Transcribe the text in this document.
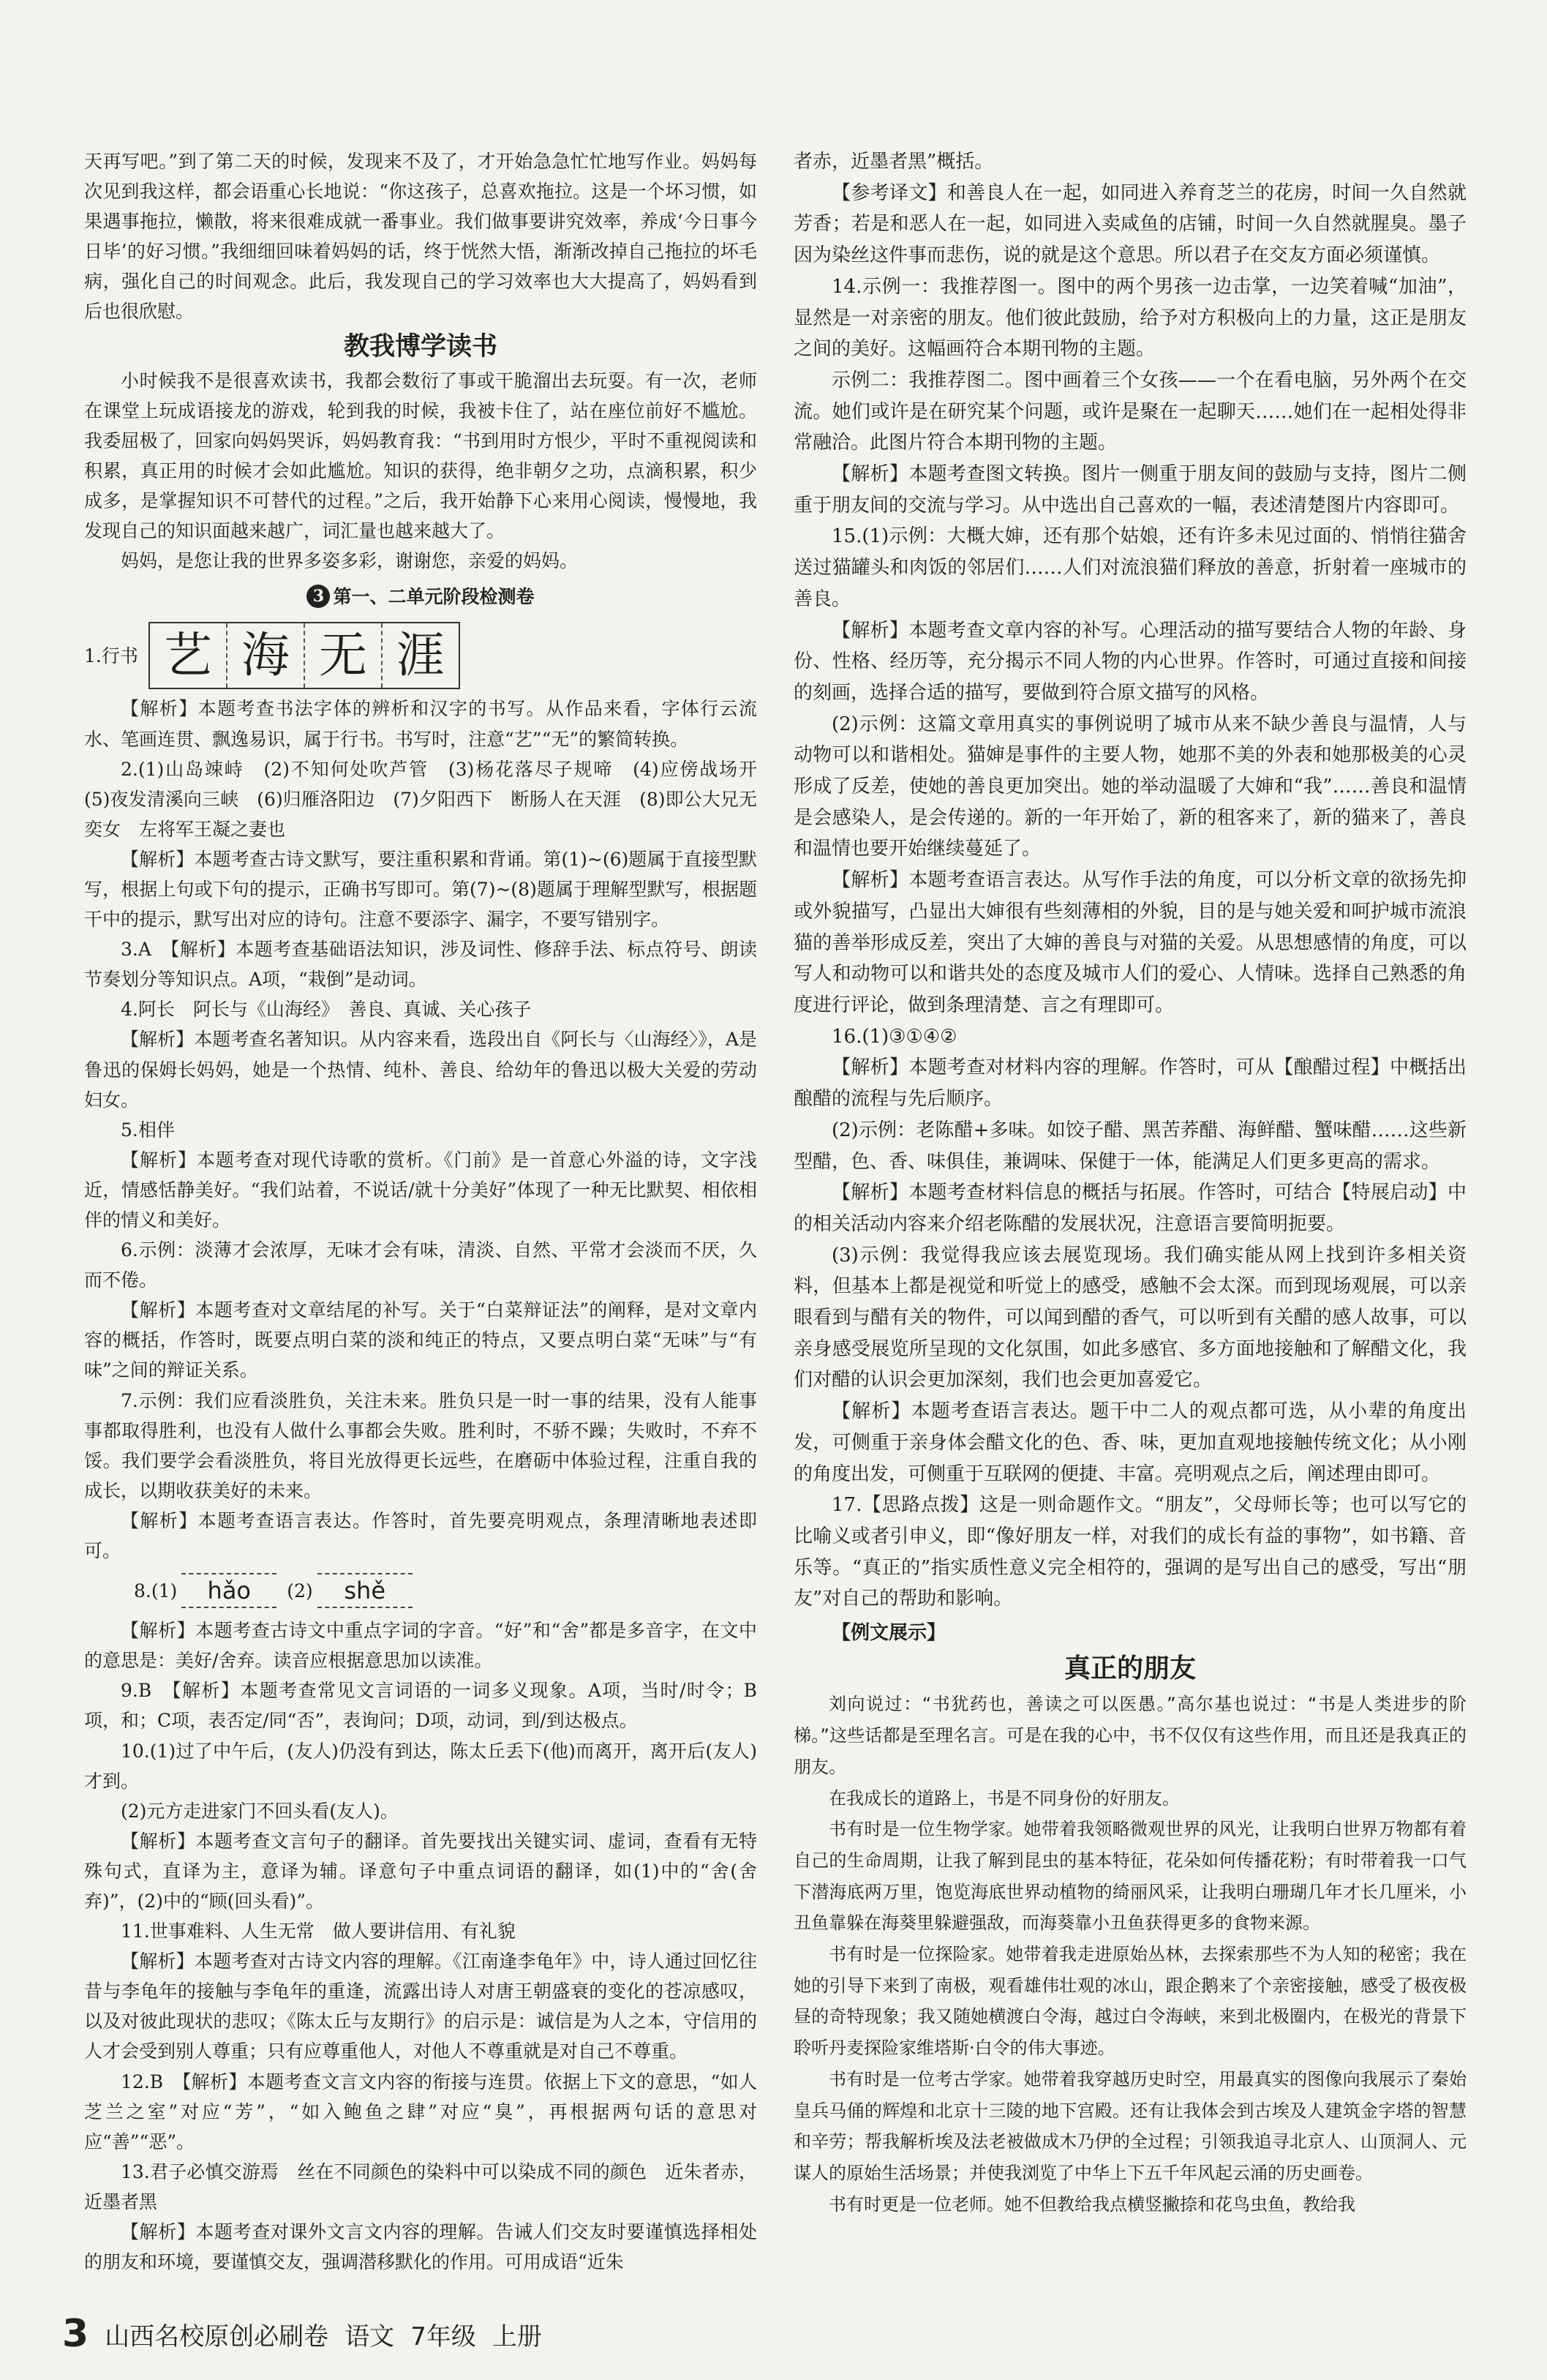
天再写吧。”到了第二天的时候，发现来不及了，才开始急急忙忙地写作业。妈妈每次见到我这样，都会语重心长地说：“你这孩子，总喜欢拖拉。这是一个坏习惯，如果遇事拖拉，懒散，将来很难成就一番事业。我们做事要讲究效率，养成‘今日事今日毕’的好习惯。”我细细回味着妈妈的话，终于恍然大悟，渐渐改掉自己拖拉的坏毛病，强化自己的时间观念。此后，我发现自己的学习效率也大大提高了，妈妈看到后也很欣慰。

教我博学读书

小时候我不是很喜欢读书，我都会数衍了事或干脆溜出去玩耍。有一次，老师在课堂上玩成语接龙的游戏，轮到我的时候，我被卡住了，站在座位前好不尴尬。我委屈极了，回家向妈妈哭诉，妈妈教育我：“书到用时方恨少，平时不重视阅读和积累，真正用的时候才会如此尴尬。知识的获得，绝非朝夕之功，点滴积累，积少成多，是掌握知识不可替代的过程。”之后，我开始静下心来用心阅读，慢慢地，我发现自己的知识面越来越广，词汇量也越来越大了。

妈妈，是您让我的世界多姿多彩，谢谢您，亲爱的妈妈。

3 第一、二单元阶段检测卷

1.行书 艺 海 无 涯

【解析】本题考查书法字体的辨析和汉字的书写。从作品来看，字体行云流水、笔画连贯、飘逸易识，属于行书。书写时，注意“艺”“无”的繁简转换。

2.(1)山岛竦峙　(2)不知何处吹芦管　(3)杨花落尽子规啼　(4)应傍战场开　(5)夜发清溪向三峡　(6)归雁洛阳边　(7)夕阳西下　断肠人在天涯　(8)即公大兄无奕女　左将军王凝之妻也

【解析】本题考查古诗文默写，要注重积累和背诵。第(1)~(6)题属于直接型默写，根据上句或下句的提示，正确书写即可。第(7)~(8)题属于理解型默写，根据题干中的提示，默写出对应的诗句。注意不要添字、漏字，不要写错别字。

3.A　【解析】本题考查基础语法知识，涉及词性、修辞手法、标点符号、朗读节奏划分等知识点。A项，“栽倒”是动词。

4.阿长　阿长与《山海经》　善良、真诚、关心孩子

【解析】本题考查名著知识。从内容来看，选段出自《阿长与〈山海经〉》，A是鲁迅的保姆长妈妈，她是一个热情、纯朴、善良、给幼年的鲁迅以极大关爱的劳动妇女。

5.相伴

【解析】本题考查对现代诗歌的赏析。《门前》是一首意心外溢的诗，文字浅近，情感恬静美好。“我们站着，不说话/就十分美好”体现了一种无比默契、相依相伴的情义和美好。

6.示例：淡薄才会浓厚，无味才会有味，清淡、自然、平常才会淡而不厌，久而不倦。

【解析】本题考查对文章结尾的补写。关于“白菜辩证法”的阐释，是对文章内容的概括，作答时，既要点明白菜的淡和纯正的特点，又要点明白菜“无味”与“有味”之间的辩证关系。

7.示例：我们应看淡胜负，关注未来。胜负只是一时一事的结果，没有人能事事都取得胜利，也没有人做什么事都会失败。胜利时，不骄不躁；失败时，不弃不馁。我们要学会看淡胜负，将目光放得更长远些，在磨砺中体验过程，注重自我的成长，以期收获美好的未来。

【解析】本题考查语言表达。作答时，首先要亮明观点，条理清晰地表述即可。

8.(1)	hǎo	(2)	shě

【解析】本题考查古诗文中重点字词的字音。“好”和“舍”都是多音字，在文中的意思是：美好/舍弃。读音应根据意思加以读准。

9.B　【解析】本题考查常见文言词语的一词多义现象。A项，当时/时令；B项，和；C项，表否定/同“否”，表询问；D项，动词，到/到达极点。

10.(1)过了中午后，(友人)仍没有到达，陈太丘丢下(他)而离开，离开后(友人)才到。

(2)元方走进家门不回头看(友人)。

【解析】本题考查文言句子的翻译。首先要找出关键实词、虚词，查看有无特殊句式，直译为主，意译为辅。译意句子中重点词语的翻译，如(1)中的“舍(舍弃)”，(2)中的“顾(回头看)”。

11.世事难料、人生无常　做人要讲信用、有礼貌

【解析】本题考查对古诗文内容的理解。《江南逢李龟年》中，诗人通过回忆往昔与李龟年的接触与李龟年的重逢，流露出诗人对唐王朝盛衰的变化的苍凉感叹，以及对彼此现状的悲叹；《陈太丘与友期行》的启示是：诚信是为人之本，守信用的人才会受到别人尊重；只有应尊重他人，对他人不尊重就是对自己不尊重。

12.B　【解析】本题考查文言文内容的衔接与连贯。依据上下文的意思，“如人芝兰之室”对应“芳”，“如入鲍鱼之肆”对应“臭”，再根据两句话的意思对应“善”“恶”。

13.君子必慎交游焉　丝在不同颜色的染料中可以染成不同的颜色　近朱者赤，近墨者黑

【解析】本题考查对课外文言文内容的理解。告诫人们交友时要谨慎选择相处的朋友和环境，要谨慎交友，强调潜移默化的作用。可用成语“近朱

者赤，近墨者黑”概括。

【参考译文】和善良人在一起，如同进入养育芝兰的花房，时间一久自然就芳香；若是和恶人在一起，如同进入卖咸鱼的店铺，时间一久自然就腥臭。墨子因为染丝这件事而悲伤，说的就是这个意思。所以君子在交友方面必须谨慎。

14.示例一：我推荐图一。图中的两个男孩一边击掌，一边笑着喊“加油”，显然是一对亲密的朋友。他们彼此鼓励，给予对方积极向上的力量，这正是朋友之间的美好。这幅画符合本期刊物的主题。

示例二：我推荐图二。图中画着三个女孩——一个在看电脑，另外两个在交流。她们或许是在研究某个问题，或许是聚在一起聊天……她们在一起相处得非常融洽。此图片符合本期刊物的主题。

【解析】本题考查图文转换。图片一侧重于朋友间的鼓励与支持，图片二侧重于朋友间的交流与学习。从中选出自己喜欢的一幅，表述清楚图片内容即可。

15.(1)示例：大概大婶，还有那个姑娘，还有许多未见过面的、悄悄往猫舍送过猫罐头和肉饭的邻居们……人们对流浪猫们释放的善意，折射着一座城市的善良。

【解析】本题考查文章内容的补写。心理活动的描写要结合人物的年龄、身份、性格、经历等，充分揭示不同人物的内心世界。作答时，可通过直接和间接的刻画，选择合适的描写，要做到符合原文描写的风格。

(2)示例：这篇文章用真实的事例说明了城市从来不缺少善良与温情，人与动物可以和谐相处。猫婶是事件的主要人物，她那不美的外表和她那极美的心灵形成了反差，使她的善良更加突出。她的举动温暖了大婶和“我”……善良和温情是会感染人，是会传递的。新的一年开始了，新的租客来了，新的猫来了，善良和温情也要开始继续蔓延了。

【解析】本题考查语言表达。从写作手法的角度，可以分析文章的欲扬先抑或外貌描写，凸显出大婶很有些刻薄相的外貌，目的是与她关爱和呵护城市流浪猫的善举形成反差，突出了大婶的善良与对猫的关爱。从思想感情的角度，可以写人和动物可以和谐共处的态度及城市人们的爱心、人情味。选择自己熟悉的角度进行评论，做到条理清楚、言之有理即可。

16.(1)③①④②

【解析】本题考查对材料内容的理解。作答时，可从【酿醋过程】中概括出酿醋的流程与先后顺序。

(2)示例：老陈醋+多味。如饺子醋、黑苦荞醋、海鲜醋、蟹味醋……这些新型醋，色、香、味俱佳，兼调味、保健于一体，能满足人们更多更高的需求。

【解析】本题考查材料信息的概括与拓展。作答时，可结合【特展启动】中的相关活动内容来介绍老陈醋的发展状况，注意语言要简明扼要。

(3)示例：我觉得我应该去展览现场。我们确实能从网上找到许多相关资料，但基本上都是视觉和听觉上的感受，感触不会太深。而到现场观展，可以亲眼看到与醋有关的物件，可以闻到醋的香气，可以听到有关醋的感人故事，可以亲身感受展览所呈现的文化氛围，如此多感官、多方面地接触和了解醋文化，我们对醋的认识会更加深刻，我们也会更加喜爱它。

【解析】本题考查语言表达。题干中二人的观点都可选，从小辈的角度出发，可侧重于亲身体会醋文化的色、香、味，更加直观地接触传统文化；从小刚的角度出发，可侧重于互联网的便捷、丰富。亮明观点之后，阐述理由即可。

17.【思路点拨】这是一则命题作文。“朋友”，父母师长等；也可以写它的比喻义或者引申义，即“像好朋友一样，对我们的成长有益的事物”，如书籍、音乐等。“真正的”指实质性意义完全相符的，强调的是写出自己的感受，写出“朋友”对自己的帮助和影响。

【例文展示】

真正的朋友

刘向说过：“书犹药也，善读之可以医愚。”高尔基也说过：“书是人类进步的阶梯。”这些话都是至理名言。可是在我的心中，书不仅仅有这些作用，而且还是我真正的朋友。

在我成长的道路上，书是不同身份的好朋友。

书有时是一位生物学家。她带着我领略微观世界的风光，让我明白世界万物都有着自己的生命周期，让我了解到昆虫的基本特征，花朵如何传播花粉；有时带着我一口气下潜海底两万里，饱览海底世界动植物的绮丽风采，让我明白珊瑚几年才长几厘米，小丑鱼靠躲在海葵里躲避强敌，而海葵靠小丑鱼获得更多的食物来源。

书有时是一位探险家。她带着我走进原始丛林，去探索那些不为人知的秘密；我在她的引导下来到了南极，观看雄伟壮观的冰山，跟企鹅来了个亲密接触，感受了极夜极昼的奇特现象；我又随她横渡白令海，越过白令海峡，来到北极圈内，在极光的背景下聆听丹麦探险家维塔斯·白令的伟大事迹。

书有时是一位考古学家。她带着我穿越历史时空，用最真实的图像向我展示了秦始皇兵马俑的辉煌和北京十三陵的地下宫殿。还有让我体会到古埃及人建筑金字塔的智慧和辛劳；帮我解析埃及法老被做成木乃伊的全过程；引领我追寻北京人、山顶洞人、元谋人的原始生活场景；并使我浏览了中华上下五千年风起云涌的历史画卷。

书有时更是一位老师。她不但教给我点横竖撇捺和花鸟虫鱼，教给我

3 山西名校原创必刷卷 语文 7年级 上册
